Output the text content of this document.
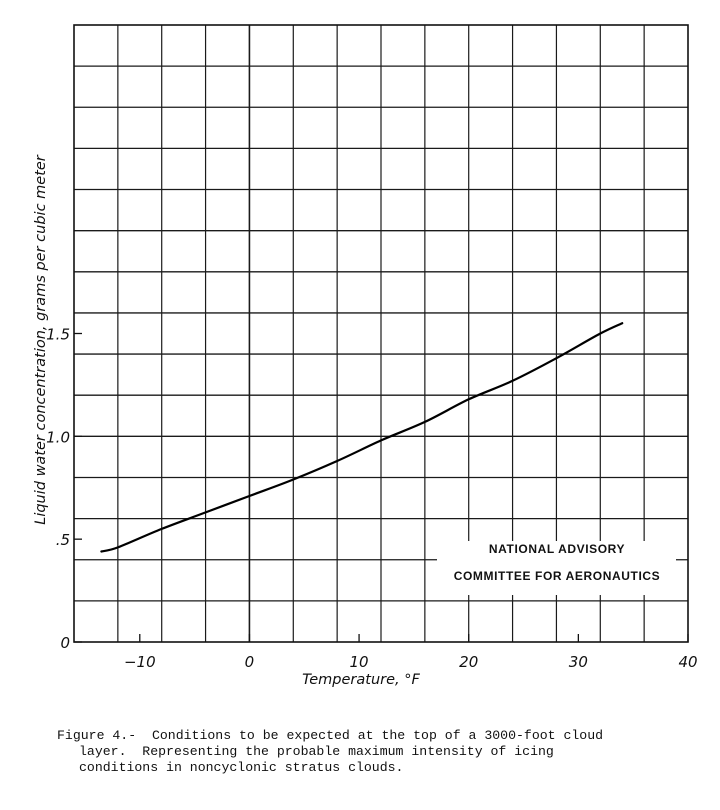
−10	0	10	20	30	40
0
.5
1.0
1.5
NATIONAL ADVISORY
COMMITTEE FOR AERONAUTICS
Temperature, °F
Liquid water concentration, grams per cubic meter
Figure 4.-  Conditions to be expected at the top of a 3000-foot cloud
layer.  Representing the probable maximum intensity of icing
conditions in noncyclonic stratus clouds.
